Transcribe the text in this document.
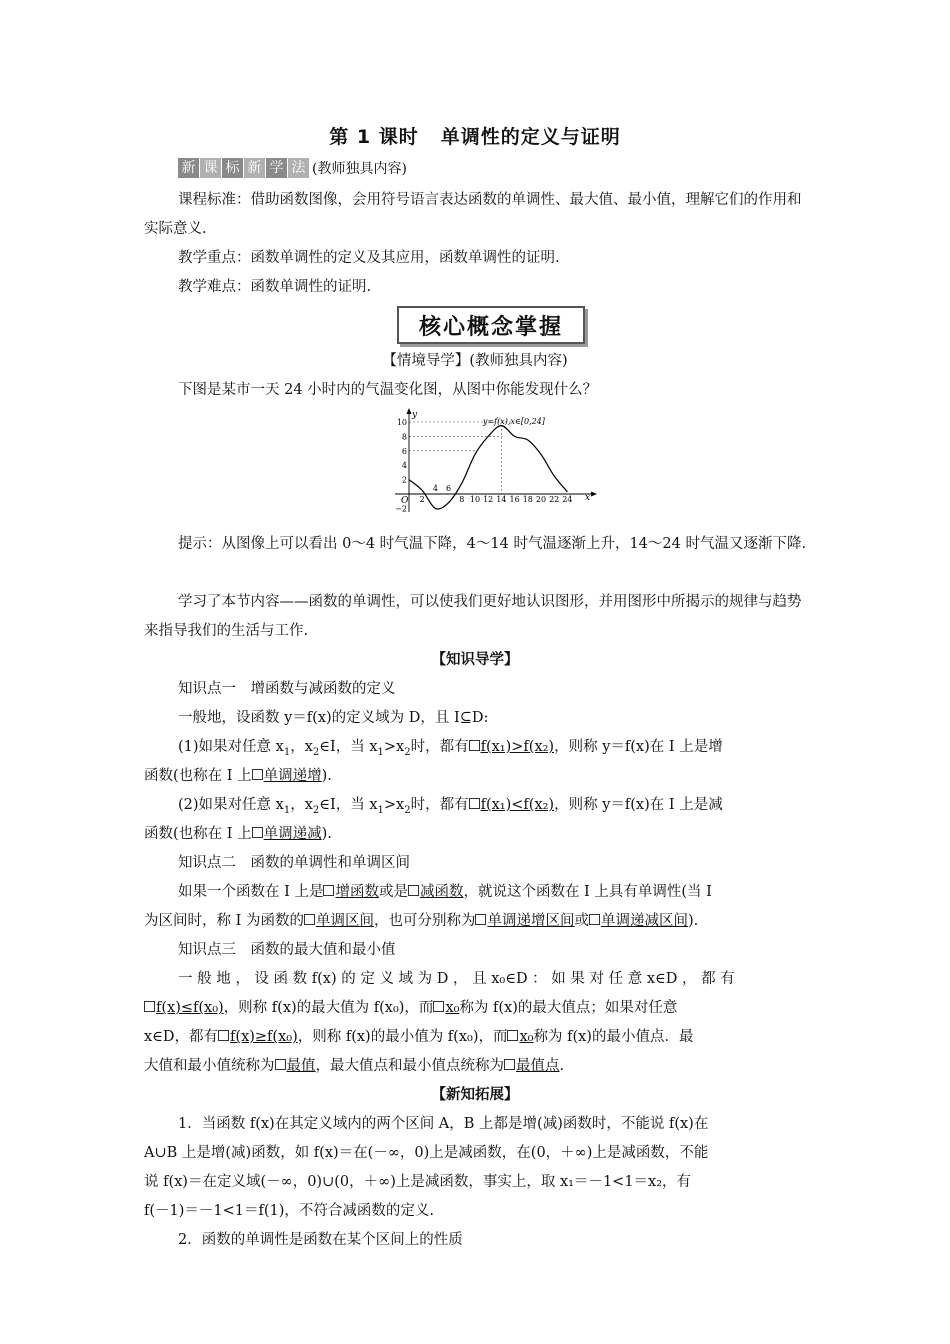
第 1 课时 单调性的定义与证明
新 课 标 新 学 法 (教师独具内容)
课程标准：借助函数图像，会用符号语言表达函数的单调性、最大值、最小值，理解它们的作用和实际意义.
教学重点：函数单调性的定义及其应用，函数单调性的证明.
教学难点：函数单调性的证明.
核心概念掌握
【情境导学】(教师独具内容)
下图是某市一天 24 小时内的气温变化图，从图中你能发现什么？
x
y
O
y=f(x),x∈[0,24]
2
4 6
8 10 12 14 16 18 20 22 24
10
8
6
4
2
−2
提示：从图像上可以看出 0～4 时气温下降，4～14 时气温逐渐上升，14～24 时气温又逐渐下降.
学习了本节内容——函数的单调性，可以使我们更好地认识图形，并用图形中所揭示的规律与趋势来指导我们的生活与工作.
【知识导学】
知识点一　增函数与减函数的定义
一般地，设函数 y＝f(x)的定义域为 D，且 I⊆D:
(1)如果对任意 $x_1$，$x_2\in I$，当 $x_1>x_2$时，都有 f(x₁)>f(x₂)，则称 y＝f(x)在 I 上是增
函数(也称在 I 上 单调递增).
(2)如果对任意 $x_1$，$x_2\in I$，当 $x_1>x_2$时，都有 f(x₁)<f(x₂)，则称 y＝f(x)在 I 上是减
函数(也称在 I 上 单调递减).
知识点二　函数的单调性和单调区间
如果一个函数在 I 上是 增函数或是 减函数，就说这个函数在 I 上具有单调性(当 I
为区间时，称 I 为函数的 单调区间，也可分别称为 单调递增区间或 单调递减区间).
知识点三　函数的最大值和最小值
一 般 地 ， 设 函 数 f(x) 的 定 义 域 为 D ， 且 x₀∈D ： 如 果 对 任 意 x∈D ， 都 有
f(x)≤f(x₀)，则称 f(x)的最大值为 f(x₀)，而 x₀称为 f(x)的最大值点；如果对任意
x∈D，都有 f(x)≥f(x₀)，则称 f(x)的最小值为 f(x₀)，而 x₀称为 f(x)的最小值点．最
大值和最小值统称为 最值，最大值点和最小值点统称为 最值点.
【新知拓展】
1．当函数 f(x)在其定义域内的两个区间 A，B 上都是增(减)函数时，不能说 f(x)在
A∪B 上是增(减)函数，如 f(x)＝在(－∞，0)上是减函数，在(0，＋∞)上是减函数，不能
说 f(x)＝在定义域(－∞，0)∪(0，＋∞)上是减函数，事实上，取 x₁＝－1<1＝x₂，有
f(－1)＝－1<1＝f(1)，不符合减函数的定义.
2．函数的单调性是函数在某个区间上的性质
